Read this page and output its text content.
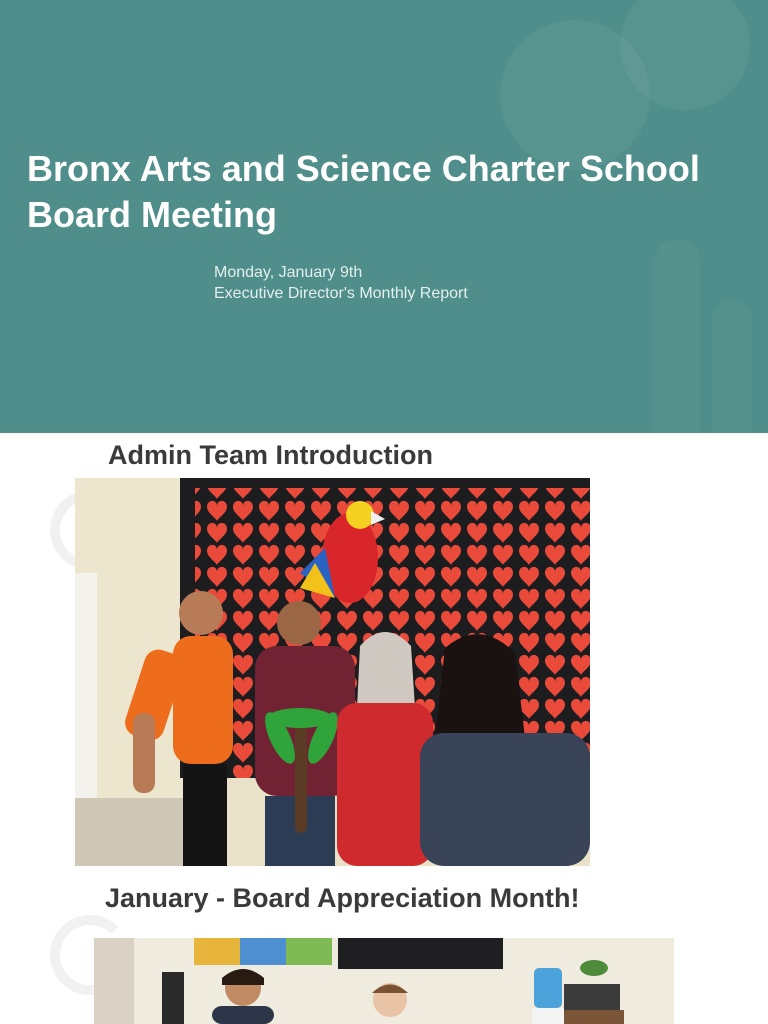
Bronx Arts and Science Charter School Board Meeting
Monday, January 9th
Executive Director's Monthly Report
Admin Team Introduction
January - Board Appreciation Month!
